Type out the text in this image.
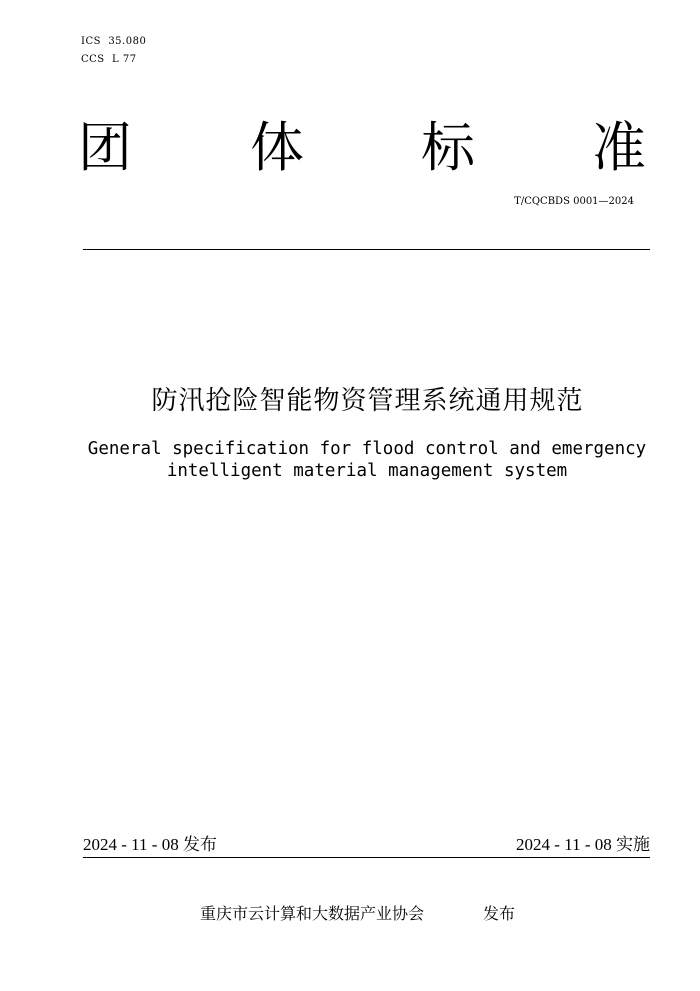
ICS 35.080
CCS L 77
团 体 标 准
T/CQCBDS 0001—2024
防汛抢险智能物资管理系统通用规范
General specification for flood control and emergency
intelligent material management system
2024 - 11 - 08 发布	2024 - 11 - 08 实施
重庆市云计算和大数据产业协会	发布
